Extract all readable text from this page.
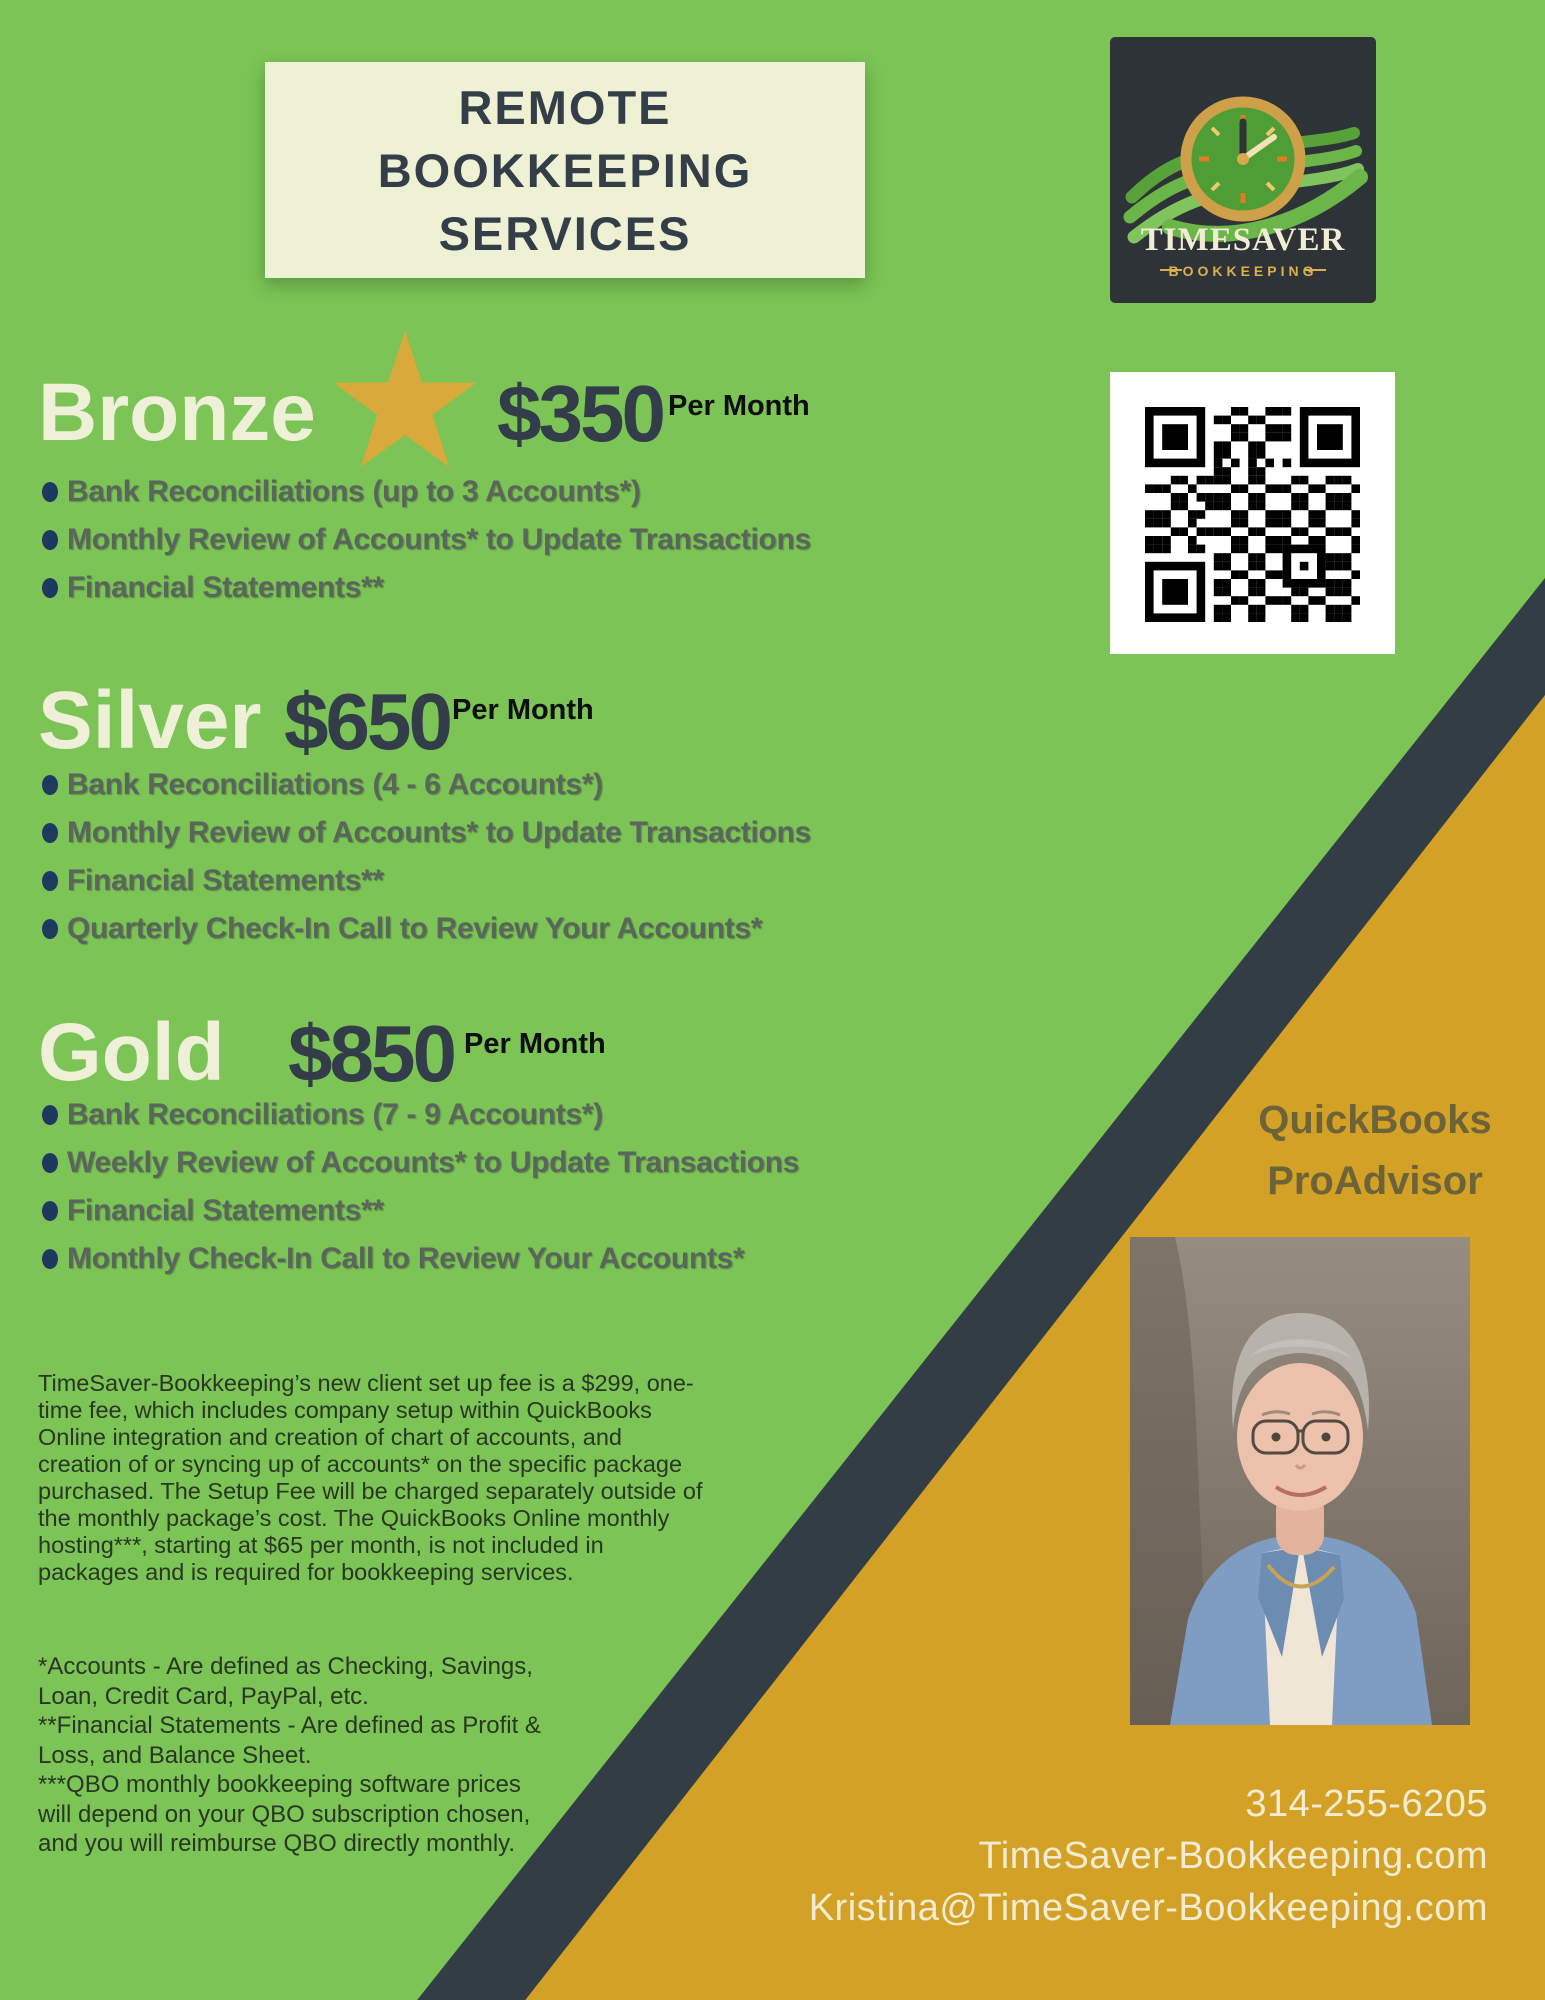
REMOTE
BOOKKEEPING
SERVICES	TIMESAVER
BOOKKEEPING
Bronze $350 Per Month
Bank Reconciliations (up to 3 Accounts*)
Monthly Review of Accounts* to Update Transactions
Financial Statements**
Silver $650 Per Month
Bank Reconciliations (4 - 6 Accounts*)
Monthly Review of Accounts* to Update Transactions
Financial Statements**
Quarterly Check-In Call to Review Your Accounts*
Gold $850 Per Month
Bank Reconciliations (7 - 9 Accounts*)
Weekly Review of Accounts* to Update Transactions
Financial Statements**
Monthly Check-In Call to Review Your Accounts*
TimeSaver-Bookkeeping’s new client set up fee is a $299, one-
time fee, which includes company setup within QuickBooks
Online integration and creation of chart of accounts, and
creation of or syncing up of accounts* on the specific package
purchased. The Setup Fee will be charged separately outside of
the monthly package’s cost. The QuickBooks Online monthly
hosting***, starting at $65 per month, is not included in
packages and is required for bookkeeping services.
*Accounts - Are defined as Checking, Savings,
Loan, Credit Card, PayPal, etc.
**Financial Statements - Are defined as Profit &
Loss, and Balance Sheet.
***QBO monthly bookkeeping software prices
will depend on your QBO subscription chosen,
and you will reimburse QBO directly monthly.
QuickBooks
ProAdvisor
314-255-6205
TimeSaver-Bookkeeping.com
Kristina@TimeSaver-Bookkeeping.com
